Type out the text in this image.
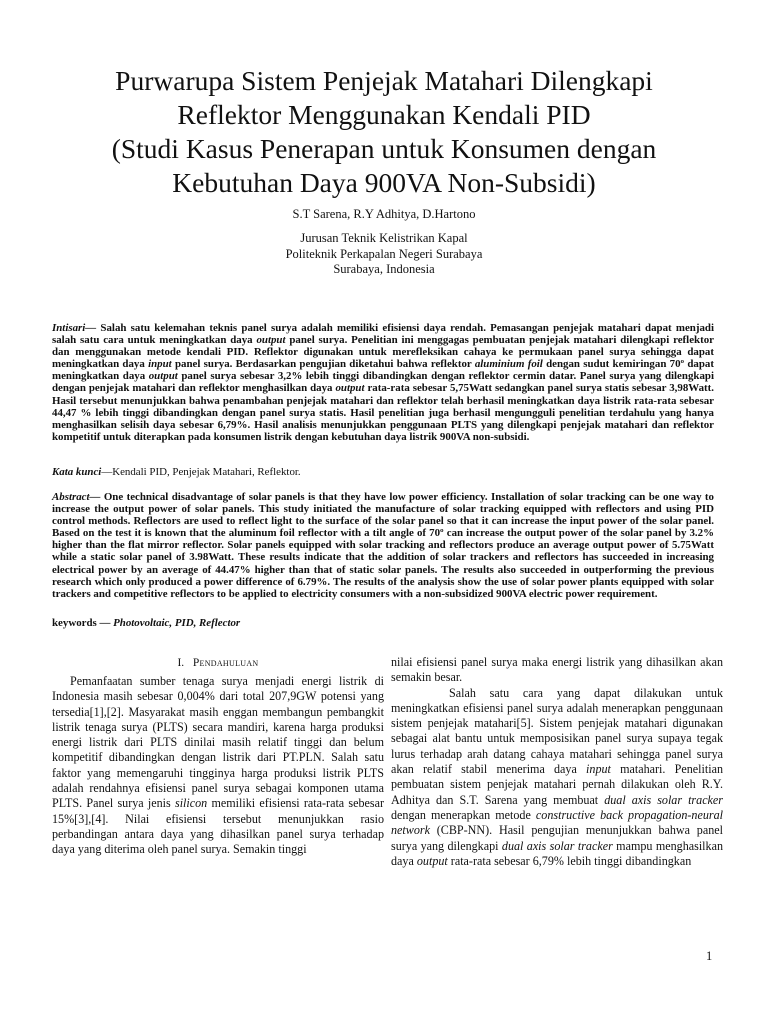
Purwarupa Sistem Penjejak Matahari Dilengkapi
Reflektor Menggunakan Kendali PID
(Studi Kasus Penerapan untuk Konsumen dengan
Kebutuhan Daya 900VA Non-Subsidi)
S.T Sarena, R.Y Adhitya, D.Hartono
Jurusan Teknik Kelistrikan Kapal
Politeknik Perkapalan Negeri Surabaya
Surabaya, Indonesia
Intisari— Salah satu kelemahan teknis panel surya adalah memiliki efisiensi daya rendah. Pemasangan penjejak matahari dapat menjadi salah satu cara untuk meningkatkan daya output panel surya. Penelitian ini menggagas pembuatan penjejak matahari dilengkapi reflektor dan menggunakan metode kendali PID. Reflektor digunakan untuk merefleksikan cahaya ke permukaan panel surya sehingga dapat meningkatkan daya input panel surya. Berdasarkan pengujian diketahui bahwa reflektor aluminium foil dengan sudut kemiringan 70º dapat meningkatkan daya output panel surya sebesar 3,2% lebih tinggi dibandingkan dengan reflektor cermin datar. Panel surya yang dilengkapi dengan penjejak matahari dan reflektor menghasilkan daya output rata-rata sebesar 5,75Watt sedangkan panel surya statis sebesar 3,98Watt. Hasil tersebut menunjukkan bahwa penambahan penjejak matahari dan reflektor telah berhasil meningkatkan daya listrik rata-rata sebesar 44,47 % lebih tinggi dibandingkan dengan panel surya statis. Hasil penelitian juga berhasil mengungguli penelitian terdahulu yang hanya menghasilkan selisih daya sebesar 6,79%. Hasil analisis menunjukkan penggunaan PLTS yang dilengkapi penjejak matahari dan reflektor kompetitif untuk diterapkan pada konsumen listrik dengan kebutuhan daya listrik 900VA non-subsidi.
Kata kunci—Kendali PID, Penjejak Matahari, Reflektor.
Abstract— One technical disadvantage of solar panels is that they have low power efficiency. Installation of solar tracking can be one way to increase the output power of solar panels. This study initiated the manufacture of solar tracking equipped with reflectors and using PID control methods. Reflectors are used to reflect light to the surface of the solar panel so that it can increase the input power of the solar panel. Based on the test it is known that the aluminum foil reflector with a tilt angle of 70º can increase the output power of the solar panel by 3.2% higher than the flat mirror reflector. Solar panels equipped with solar tracking and reflectors produce an average output power of 5.75Watt while a static solar panel of 3.98Watt. These results indicate that the addition of solar trackers and reflectors has succeeded in increasing electrical power by an average of 44.47% higher than that of static solar panels. The results also succeeded in outperforming the previous research which only produced a power difference of 6.79%. The results of the analysis show the use of solar power plants equipped with solar trackers and competitive reflectors to be applied to electricity consumers with a non-subsidized 900VA electric power requirement.
keywords — Photovoltaic, PID, Reflector
I. Pendahuluan

Pemanfaatan sumber tenaga surya menjadi energi listrik di Indonesia masih sebesar 0,004% dari total 207,9GW potensi yang tersedia[1],[2]. Masyarakat masih enggan membangun pembangkit listrik tenaga surya (PLTS) secara mandiri, karena harga produksi energi listrik dari PLTS dinilai masih relatif tinggi dan belum kompetitif dibandingkan dengan listrik dari PT.PLN. Salah satu faktor yang memengaruhi tingginya harga produksi listrik PLTS adalah rendahnya efisiensi panel surya sebagai komponen utama PLTS. Panel surya jenis silicon memiliki efisiensi rata-rata sebesar 15%[3],[4]. Nilai efisiensi tersebut menunjukkan rasio perbandingan antara daya yang dihasilkan panel surya terhadap daya yang diterima oleh panel surya. Semakin tinggi

nilai efisiensi panel surya maka energi listrik yang dihasilkan akan semakin besar.

Salah satu cara yang dapat dilakukan untuk meningkatkan efisiensi panel surya adalah menerapkan penggunaan sistem penjejak matahari[5]. Sistem penjejak matahari digunakan sebagai alat bantu untuk memposisikan panel surya supaya tegak lurus terhadap arah datang cahaya matahari sehingga panel surya akan relatif stabil menerima daya input matahari. Penelitian pembuatan sistem penjejak matahari pernah dilakukan oleh R.Y. Adhitya dan S.T. Sarena yang membuat dual axis solar tracker dengan menerapkan metode constructive back propagation-neural network (CBP-NN). Hasil pengujian menunjukkan bahwa panel surya yang dilengkapi dual axis solar tracker mampu menghasilkan daya output rata-rata sebesar 6,79% lebih tinggi dibandingkan

1
